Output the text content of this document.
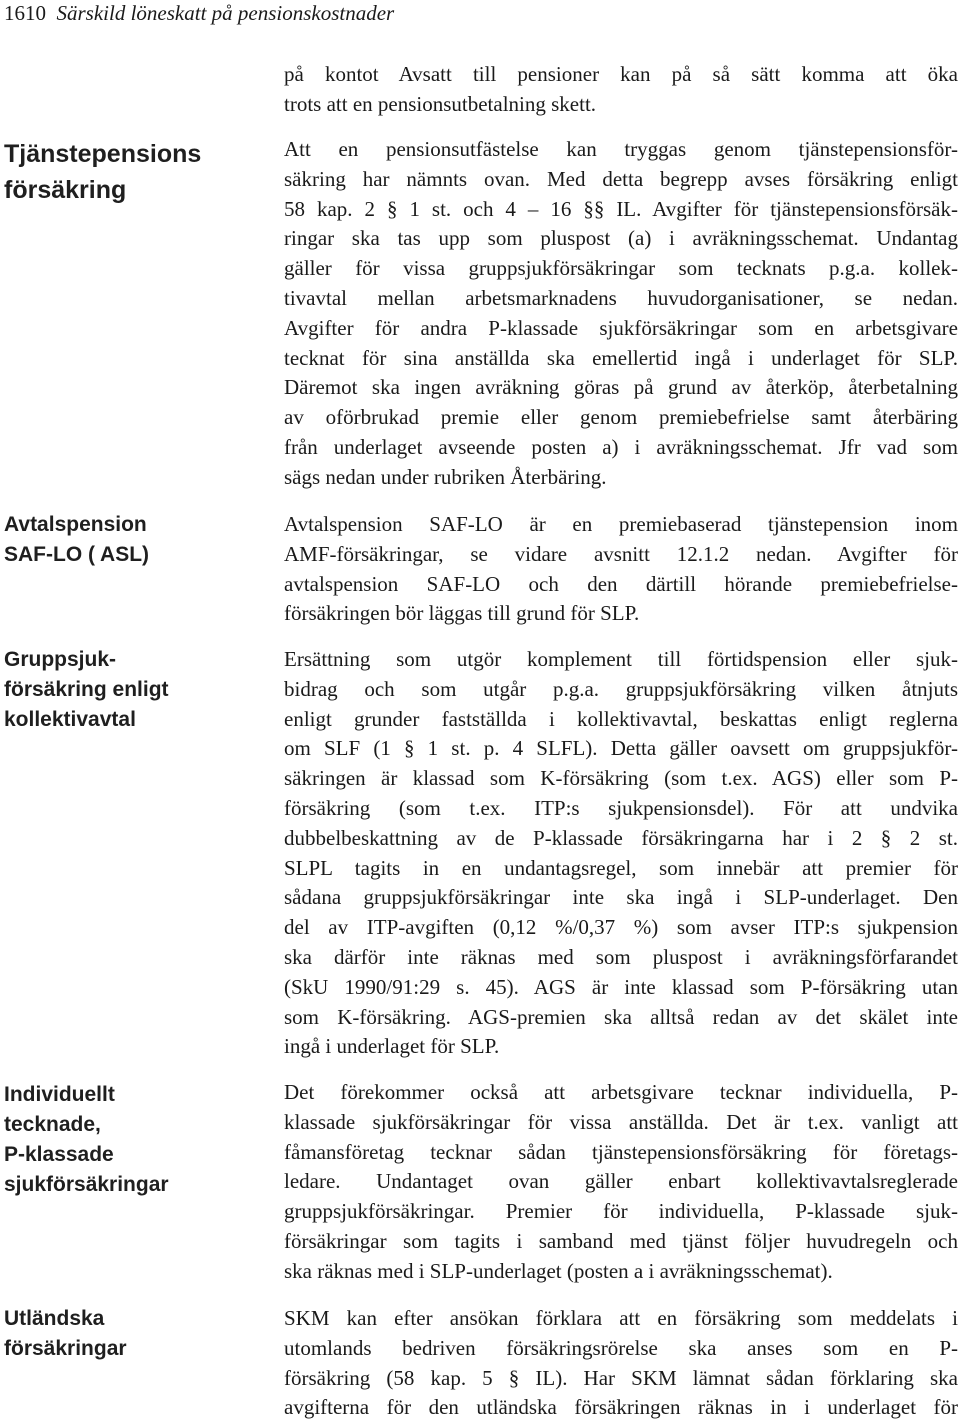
1610 Särskild löneskatt på pensionskostnader
Tjänstepensions
försäkring
Avtalspension
SAF-LO ( ASL)
Gruppsjuk-
försäkring enligt
kollektivavtal
Individuellt
tecknade,
P-klassade
sjukförsäkringar
Utländska
försäkringar
på kontot Avsatt till pensioner kan på så sätt komma att öka
trots att en pensionsutbetalning skett.
Att en pensionsutfästelse kan tryggas genom tjänstepensionsför-
säkring har nämnts ovan. Med detta begrepp avses försäkring enligt
58 kap. 2 § 1 st. och 4 – 16 §§ IL. Avgifter för tjänstepensionsförsäk-
ringar ska tas upp som pluspost (a) i avräkningsschemat. Undantag
gäller för vissa gruppsjukförsäkringar som tecknats p.g.a. kollek-
tivavtal mellan arbetsmarknadens huvudorganisationer, se nedan.
Avgifter för andra P-klassade sjukförsäkringar som en arbetsgivare
tecknat för sina anställda ska emellertid ingå i underlaget för SLP.
Däremot ska ingen avräkning göras på grund av återköp, återbetalning
av oförbrukad premie eller genom premiebefrielse samt återbäring
från underlaget avseende posten a) i avräkningsschemat. Jfr vad som
sägs nedan under rubriken Återbäring.
Avtalspension SAF-LO är en premiebaserad tjänstepension inom
AMF-försäkringar, se vidare avsnitt 12.1.2 nedan. Avgifter för
avtalspension SAF-LO och den därtill hörande premiebefrielse-
försäkringen bör läggas till grund för SLP.
Ersättning som utgör komplement till förtidspension eller sjuk-
bidrag och som utgår p.g.a. gruppsjukförsäkring vilken åtnjuts
enligt grunder fastställda i kollektivavtal, beskattas enligt reglerna
om SLF (1 § 1 st. p. 4 SLFL). Detta gäller oavsett om gruppsjukför-
säkringen är klassad som K-försäkring (som t.ex. AGS) eller som P-
försäkring (som t.ex. ITP:s sjukpensionsdel). För att undvika
dubbelbeskattning av de P-klassade försäkringarna har i 2 § 2 st.
SLPL tagits in en undantagsregel, som innebär att premier för
sådana gruppsjukförsäkringar inte ska ingå i SLP-underlaget. Den
del av ITP-avgiften (0,12 %/0,37 %) som avser ITP:s sjukpension
ska därför inte räknas med som pluspost i avräkningsförfarandet
(SkU 1990/91:29 s. 45). AGS är inte klassad som P-försäkring utan
som K-försäkring. AGS-premien ska alltså redan av det skälet inte
ingå i underlaget för SLP.
Det förekommer också att arbetsgivare tecknar individuella, P-
klassade sjukförsäkringar för vissa anställda. Det är t.ex. vanligt att
fåmansföretag tecknar sådan tjänstepensionsförsäkring för företags-
ledare. Undantaget ovan gäller enbart kollektivavtalsreglerade
gruppsjukförsäkringar. Premier för individuella, P-klassade sjuk-
försäkringar som tagits i samband med tjänst följer huvudregeln och
ska räknas med i SLP-underlaget (posten a i avräkningsschemat).
SKM kan efter ansökan förklara att en försäkring som meddelats i
utomlands bedriven försäkringsrörelse ska anses som en P-
försäkring (58 kap. 5 § IL). Har SKM lämnat sådan förklaring ska
avgifterna för den utländska försäkringen räknas in i underlaget för
